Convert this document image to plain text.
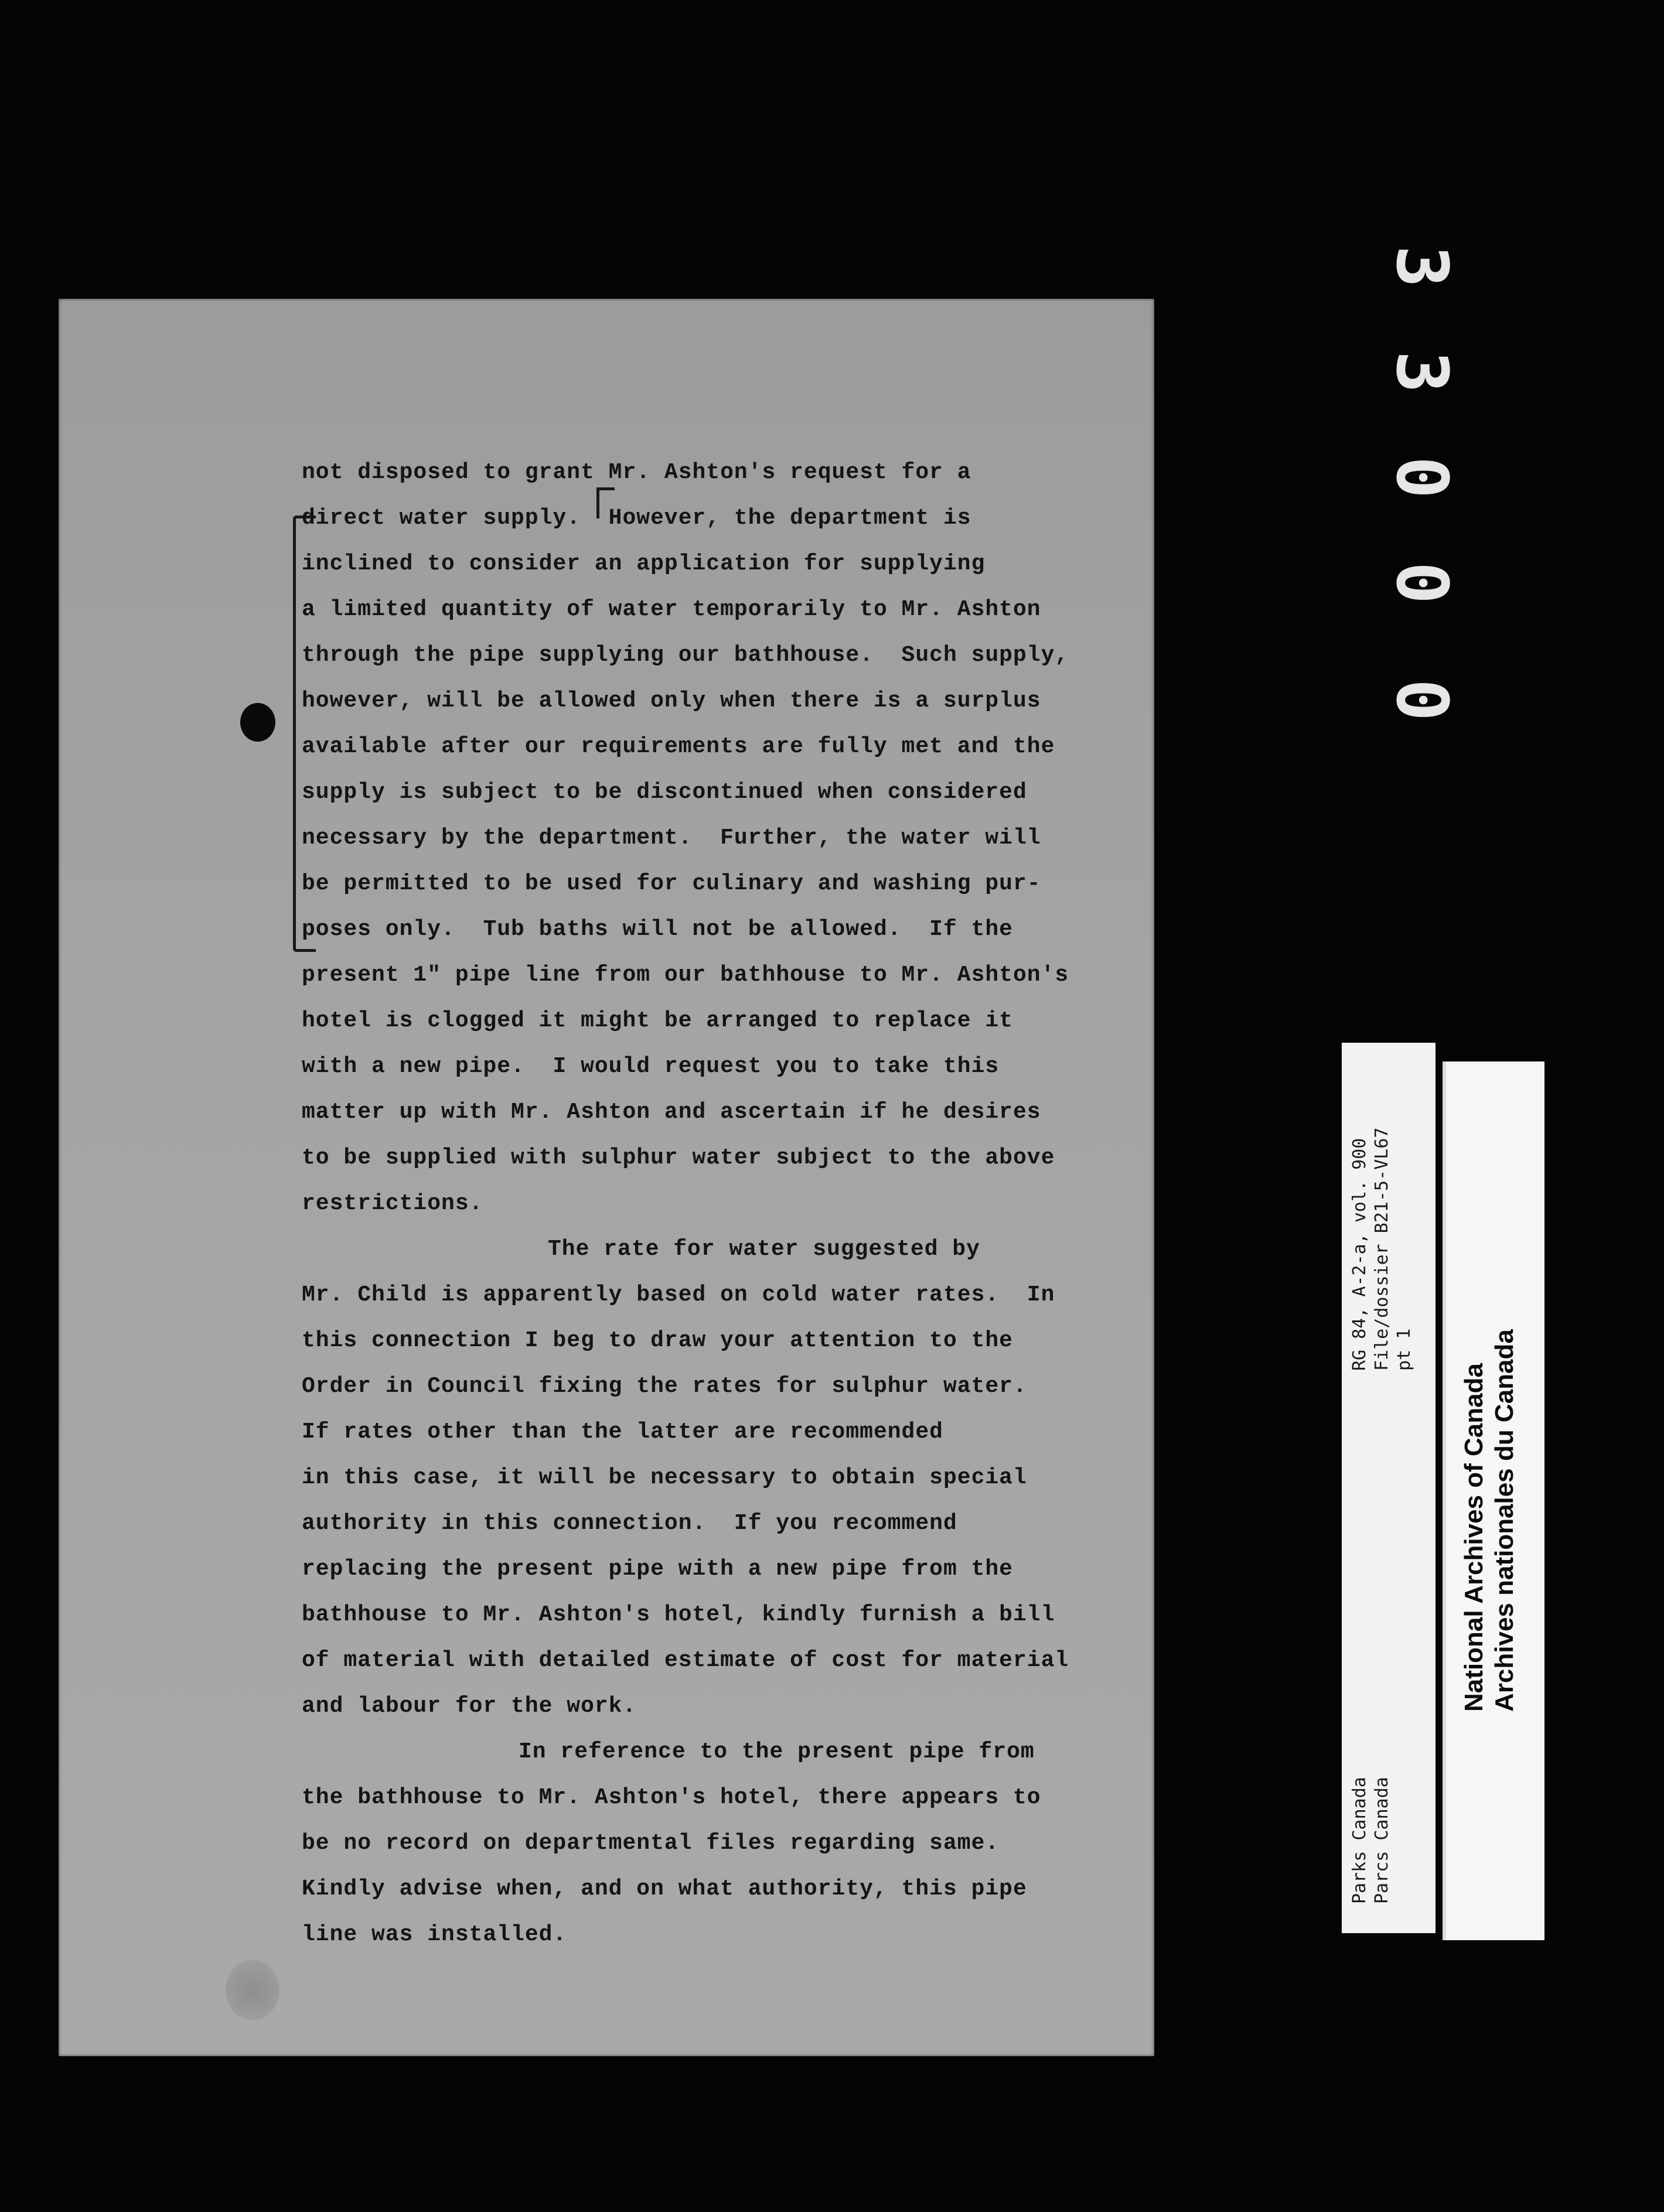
not disposed to grant Mr. Ashton's request for a
direct water supply.  However, the department is
inclined to consider an application for supplying
a limited quantity of water temporarily to Mr. Ashton
through the pipe supplying our bathhouse.  Such supply,
however, will be allowed only when there is a surplus
available after our requirements are fully met and the
supply is subject to be discontinued when considered
necessary by the department.  Further, the water will
be permitted to be used for culinary and washing pur-
poses only.  Tub baths will not be allowed.  If the
present 1" pipe line from our bathhouse to Mr. Ashton's
hotel is clogged it might be arranged to replace it
with a new pipe.  I would request you to take this
matter up with Mr. Ashton and ascertain if he desires
to be supplied with sulphur water subject to the above
restrictions.
The rate for water suggested by
Mr. Child is apparently based on cold water rates.  In
this connection I beg to draw your attention to the
Order in Council fixing the rates for sulphur water.
If rates other than the latter are recommended
in this case, it will be necessary to obtain special
authority in this connection.  If you recommend
replacing the present pipe with a new pipe from the
bathhouse to Mr. Ashton's hotel, kindly furnish a bill
of material with detailed estimate of cost for material
and labour for the work.
In reference to the present pipe from
the bathhouse to Mr. Ashton's hotel, there appears to
be no record on departmental files regarding same.
Kindly advise when, and on what authority, this pipe
line was installed.
3
3
0
0
0
RG 84, A-2-a, vol. 900 File/dossier B21-5-VL67 pt 1
Parks Canada Parcs Canada
National Archives of Canada Archives nationales du Canada
